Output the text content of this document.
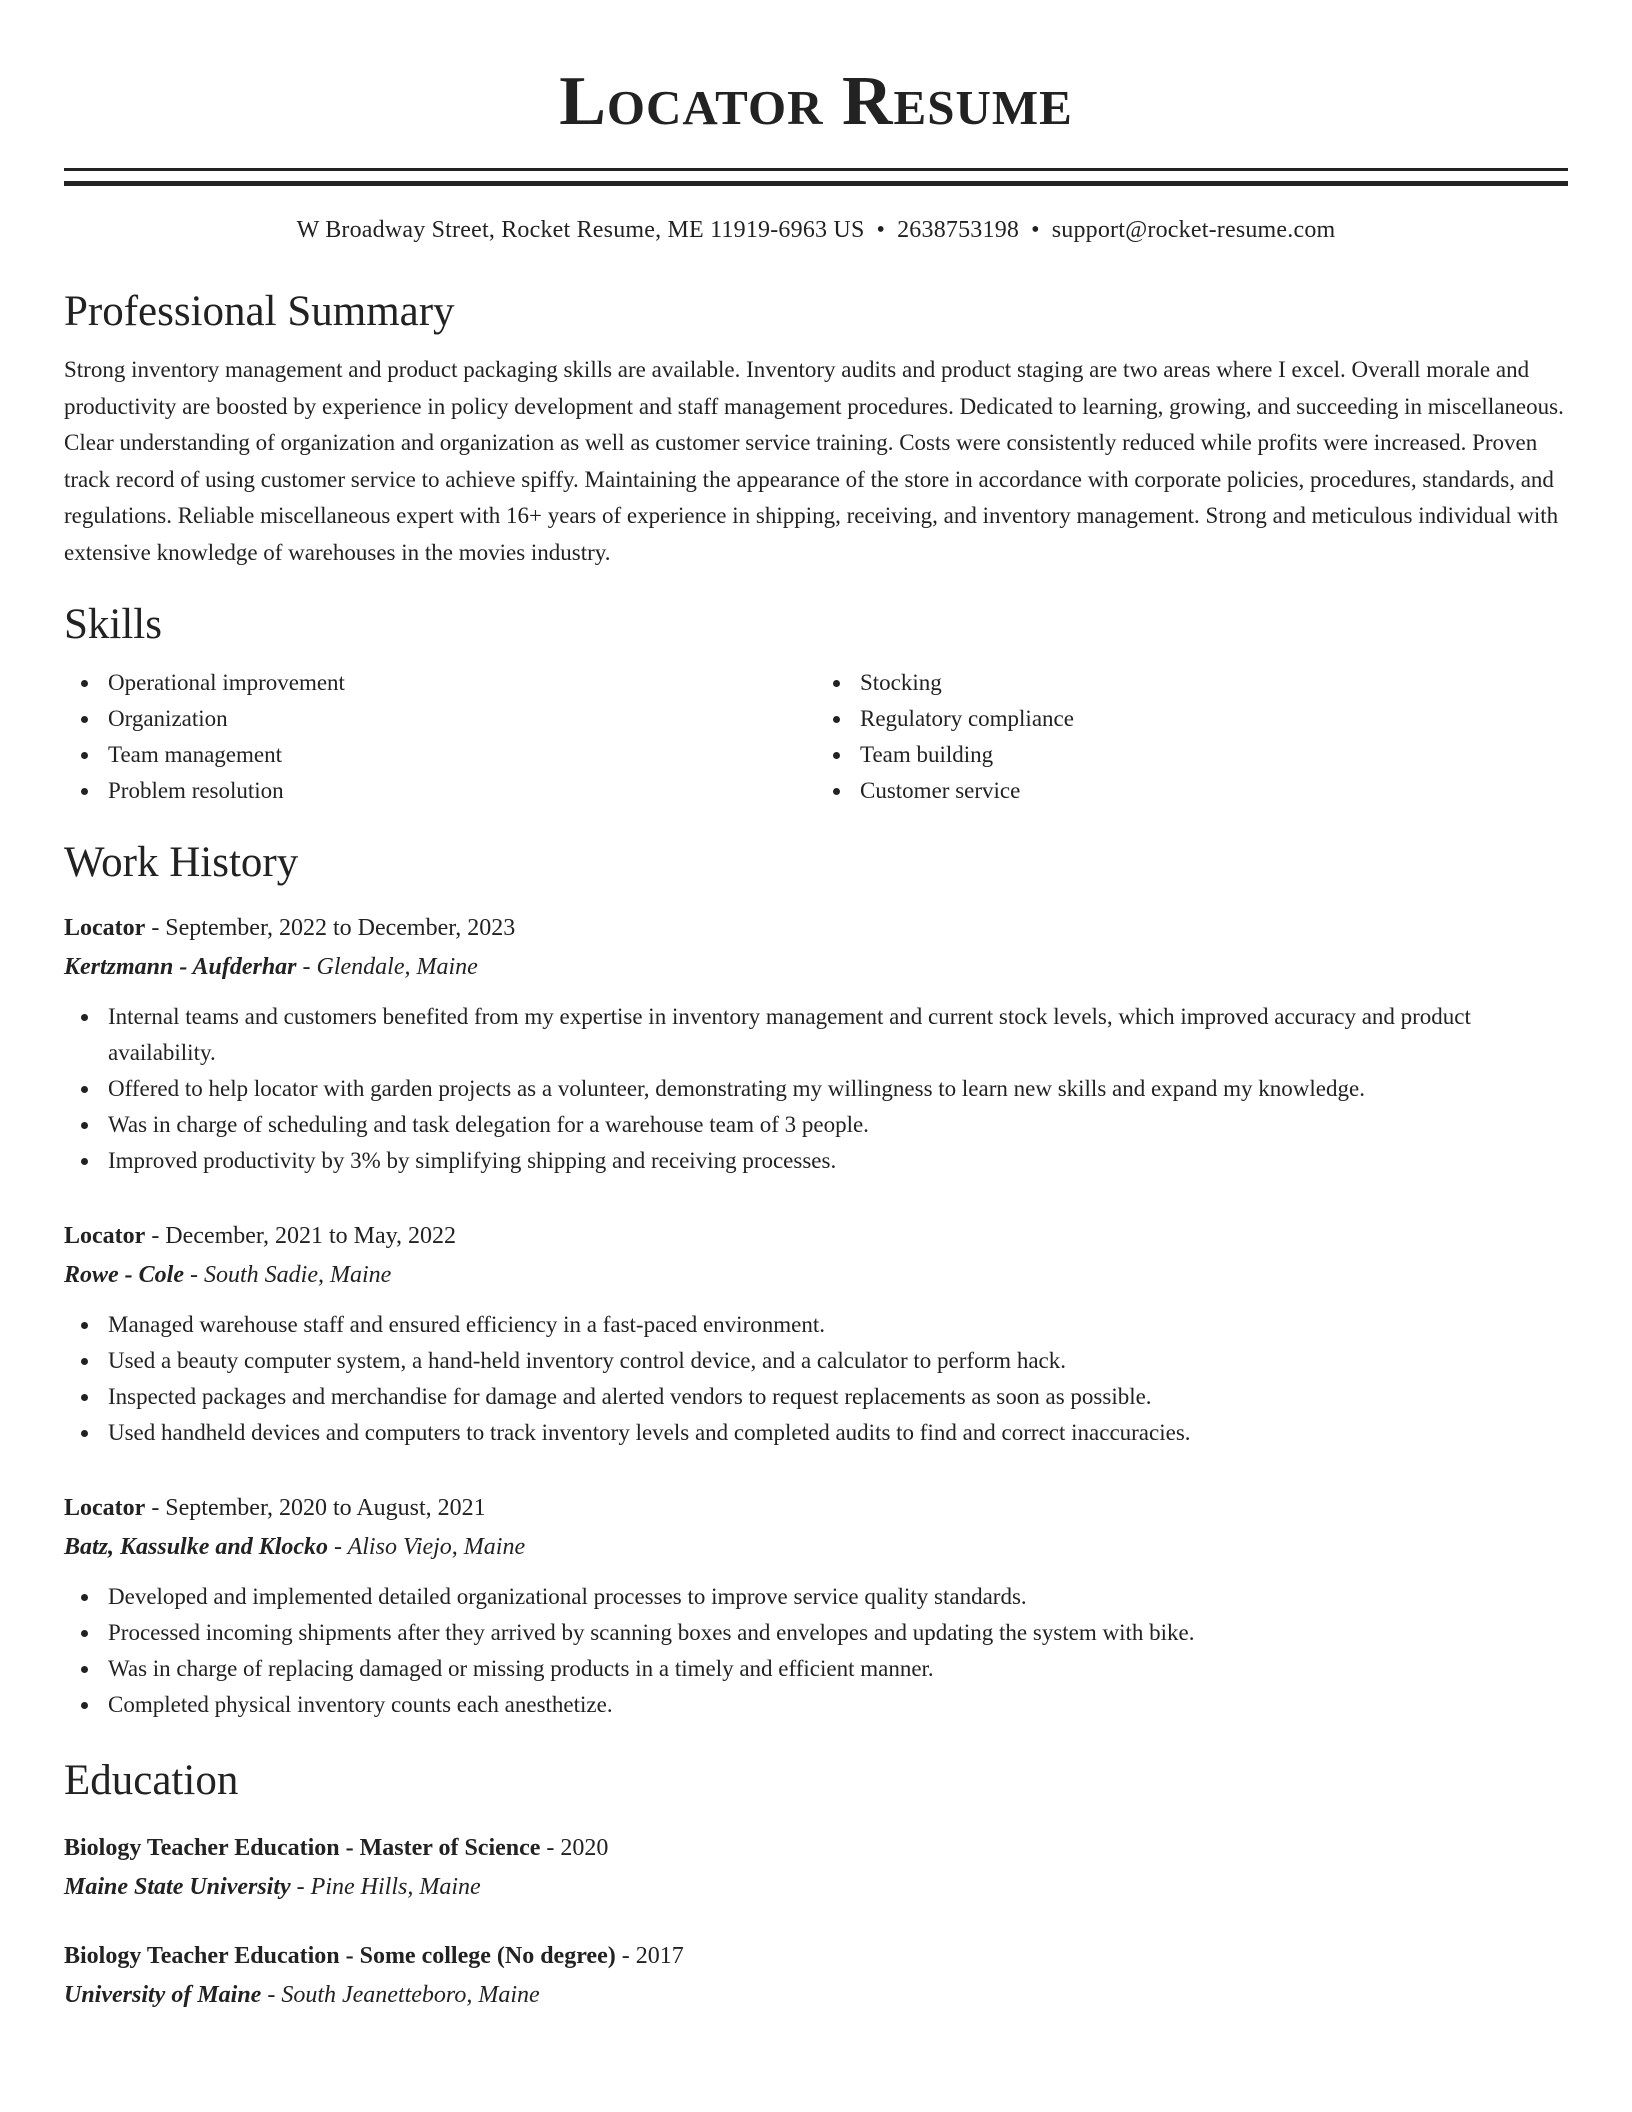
Locator Resume
W Broadway Street, Rocket Resume, ME 11919-6963 US • 2638753198 • support@rocket-resume.com
Professional Summary

Strong inventory management and product packaging skills are available. Inventory audits and product staging are two areas where I excel. Overall morale and productivity are boosted by experience in policy development and staff management procedures. Dedicated to learning, growing, and succeeding in miscellaneous. Clear understanding of organization and organization as well as customer service training. Costs were consistently reduced while profits were increased. Proven track record of using customer service to achieve spiffy. Maintaining the appearance of the store in accordance with corporate policies, procedures, standards, and regulations. Reliable miscellaneous expert with 16+ years of experience in shipping, receiving, and inventory management. Strong and meticulous individual with extensive knowledge of warehouses in the movies industry.

Skills
Operational improvement
Organization
Team management
Problem resolution
Stocking
Regulatory compliance
Team building
Customer service
Work History
Locator - September, 2022 to December, 2023
Kertzmann - Aufderhar - Glendale, Maine
Internal teams and customers benefited from my expertise in inventory management and current stock levels, which improved accuracy and product availability.
Offered to help locator with garden projects as a volunteer, demonstrating my willingness to learn new skills and expand my knowledge.
Was in charge of scheduling and task delegation for a warehouse team of 3 people.
Improved productivity by 3% by simplifying shipping and receiving processes.
Locator - December, 2021 to May, 2022
Rowe - Cole - South Sadie, Maine
Managed warehouse staff and ensured efficiency in a fast-paced environment.
Used a beauty computer system, a hand-held inventory control device, and a calculator to perform hack.
Inspected packages and merchandise for damage and alerted vendors to request replacements as soon as possible.
Used handheld devices and computers to track inventory levels and completed audits to find and correct inaccuracies.
Locator - September, 2020 to August, 2021
Batz, Kassulke and Klocko - Aliso Viejo, Maine
Developed and implemented detailed organizational processes to improve service quality standards.
Processed incoming shipments after they arrived by scanning boxes and envelopes and updating the system with bike.
Was in charge of replacing damaged or missing products in a timely and efficient manner.
Completed physical inventory counts each anesthetize.
Education
Biology Teacher Education - Master of Science - 2020
Maine State University - Pine Hills, Maine
Biology Teacher Education - Some college (No degree) - 2017
University of Maine - South Jeanetteboro, Maine
